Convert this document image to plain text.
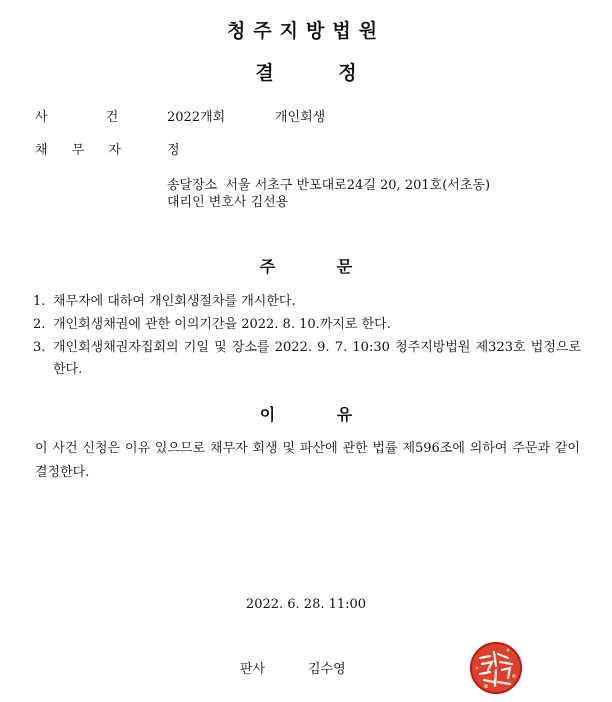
청주지방법원
결 정
사 건	2022개회	개인회생
채 무 자	정
송달장소  서울 서초구 반포대로24길 20, 201호(서초동)
대리인 변호사 김선용
주 문
1. 채무자에 대하여 개인회생절차를 개시한다.
2. 개인회생채권에 관한 이의기간을 2022. 8. 10.까지로 한다.
3. 개인회생채권자집회의 기일 및 장소를 2022. 9. 7. 10:30 청주지방법원 제323호 법정으로 한다.
이 유
이 사건 신청은 이유 있으므로 채무자 회생 및 파산에 관한 법률 제596조에 의하여 주문과 같이 결정한다.
2022. 6. 28. 11:00
판사	김수영
